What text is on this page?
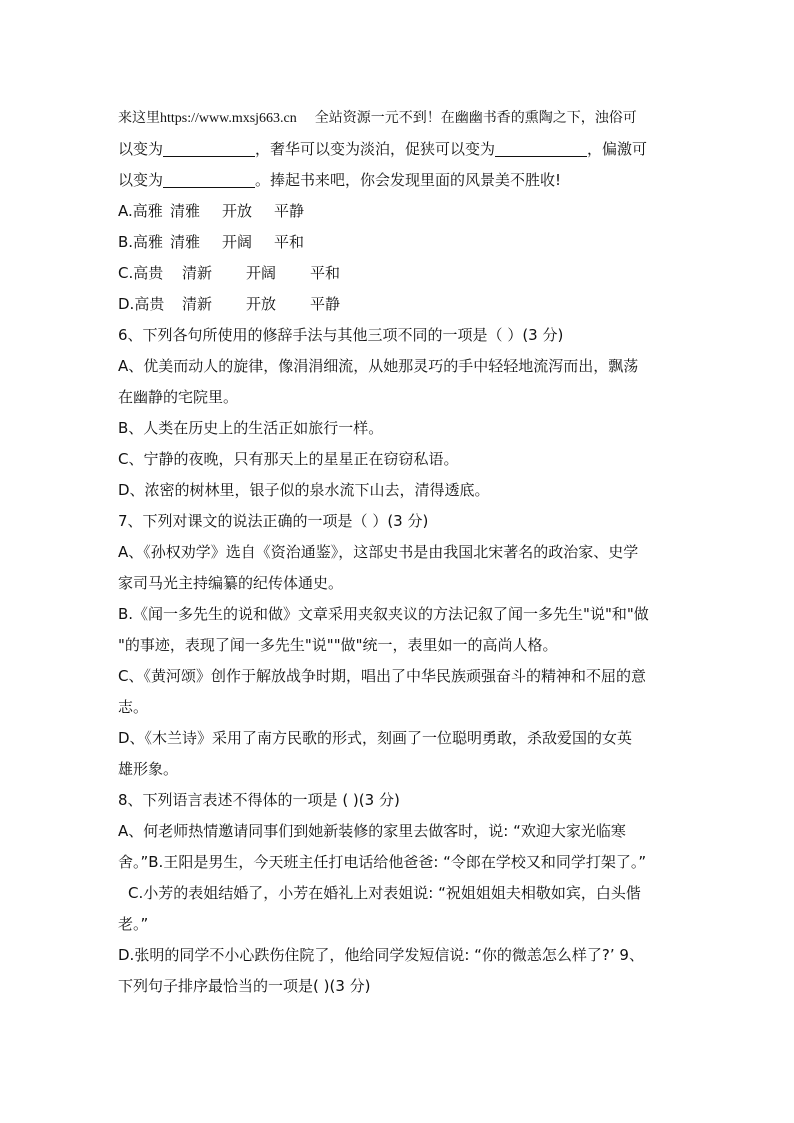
来这里https://www.mxsj663.cn 全站资源一元不到！在幽幽书香的熏陶之下，浊俗可
以变为	，奢华可以变为淡泊，促狭可以变为	，偏激可
以变为	。捧起书来吧，你会发现里面的风景美不胜收!
A.高雅 清雅 开放 平静
B.高雅 清雅 开阔 平和
C.高贵 清新 开阔 平和
D.高贵 清新 开放 平静
6、下列各句所使用的修辞手法与其他三项不同的一项是（ ）(3 分)
A、优美而动人的旋律，像涓涓细流，从她那灵巧的手中轻轻地流泻而出，飘荡
在幽静的宅院里。
B、人类在历史上的生活正如旅行一样。
C、宁静的夜晚，只有那天上的星星正在窃窃私语。
D、浓密的树林里，银子似的泉水流下山去，清得透底。
7、下列对课文的说法正确的一项是（ ）(3 分)
A、《孙权劝学》选自《资治通鉴》，这部史书是由我国北宋著名的政治家、史学
家司马光主持编纂的纪传体通史。
B.《闻一多先生的说和做》文章采用夹叙夹议的方法记叙了闻一多先生"说"和"做
"的事迹，表现了闻一多先生"说""做"统一，表里如一的高尚人格。
C、《黄河颂》创作于解放战争时期，唱出了中华民族顽强奋斗的精神和不屈的意
志。
D、《木兰诗》采用了南方民歌的形式，刻画了一位聪明勇敢，杀敌爱国的女英
雄形象。
8、下列语言表述不得体的一项是 ( )(3 分)
A、何老师热情邀请同事们到她新装修的家里去做客时，说: “欢迎大家光临寒
舍。”B.王阳是男生，今天班主任打电话给他爸爸: “令郎在学校又和同学打架了。”
C.小芳的表姐结婚了，小芳在婚礼上对表姐说: “祝姐姐姐夫相敬如宾，白头偕
老。”
D.张明的同学不小心跌伤住院了，他给同学发短信说: “你的微恙怎么样了?’ 9、
下列句子排序最恰当的一项是( )(3 分)
